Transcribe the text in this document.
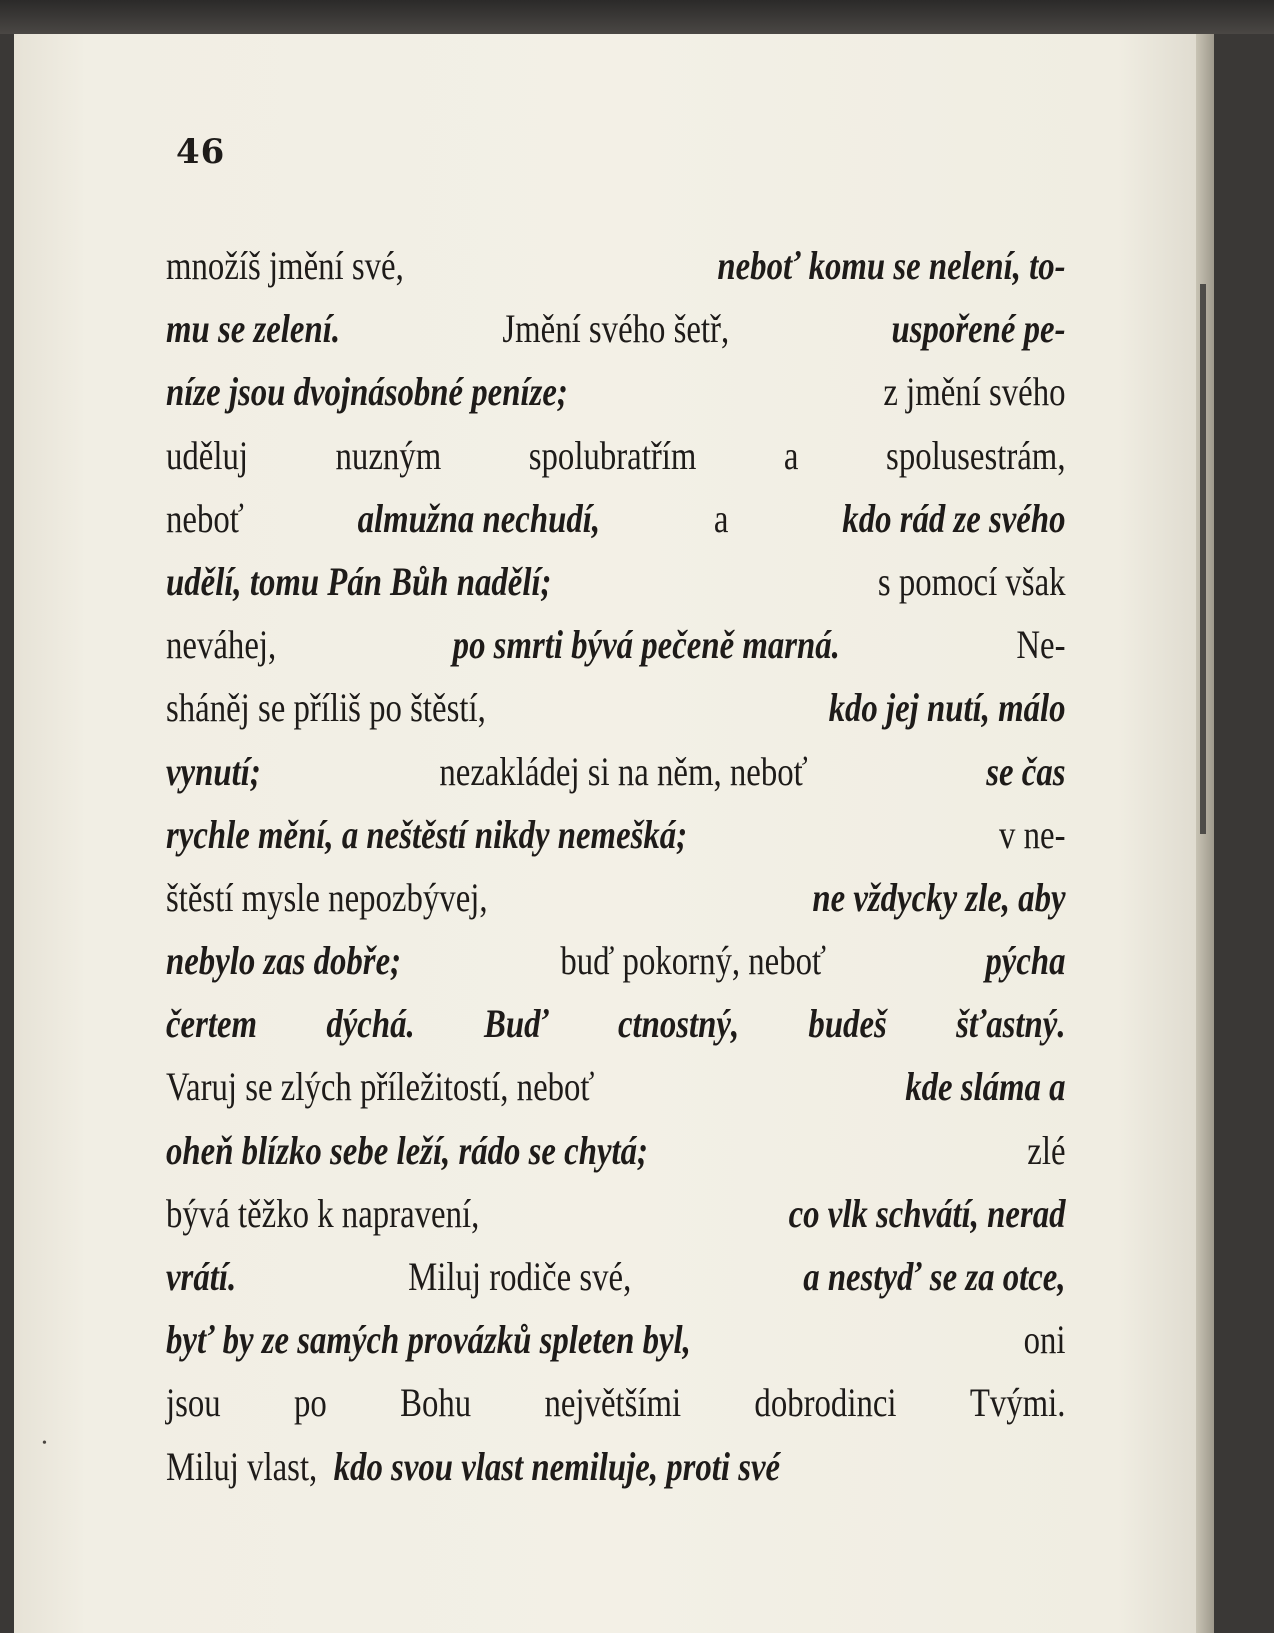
46
množíš jmění své,	neboť komu se nelení, to-
mu se zelení.	Jmění svého šetř,	uspořené pe-
níze jsou dvojnásobné peníze;	z jmění svého
uděluj nuzným spolubratřím a spolusestrám,
neboť	almužna nechudí,	a	kdo rád ze svého
udělí, tomu Pán Bůh nadělí;	s pomocí však
neváhej,	po smrti bývá pečeně marná.	Ne-
sháněj se příliš po štěstí,	kdo jej nutí, málo
vynutí;	nezakládej si na něm, neboť	se čas
rychle mění, a neštěstí nikdy nemešká;	v ne-
štěstí mysle nepozbývej,	ne vždycky zle, aby
nebylo zas dobře;	buď pokorný, neboť	pýcha
čertem dýchá. Buď ctnostný, budeš šťastný.
Varuj se zlých příležitostí, neboť	kde sláma a
oheň blízko sebe leží, rádo se chytá;	zlé
bývá těžko k napravení,	co vlk schvátí, nerad
vrátí.	Miluj rodiče své,	a nestyď se za otce,
byť by ze samých provázků spleten byl,	oni
jsou po Bohu největšími dobrodinci Tvými.
Miluj vlast, kdo svou vlast nemiluje, proti své
•
